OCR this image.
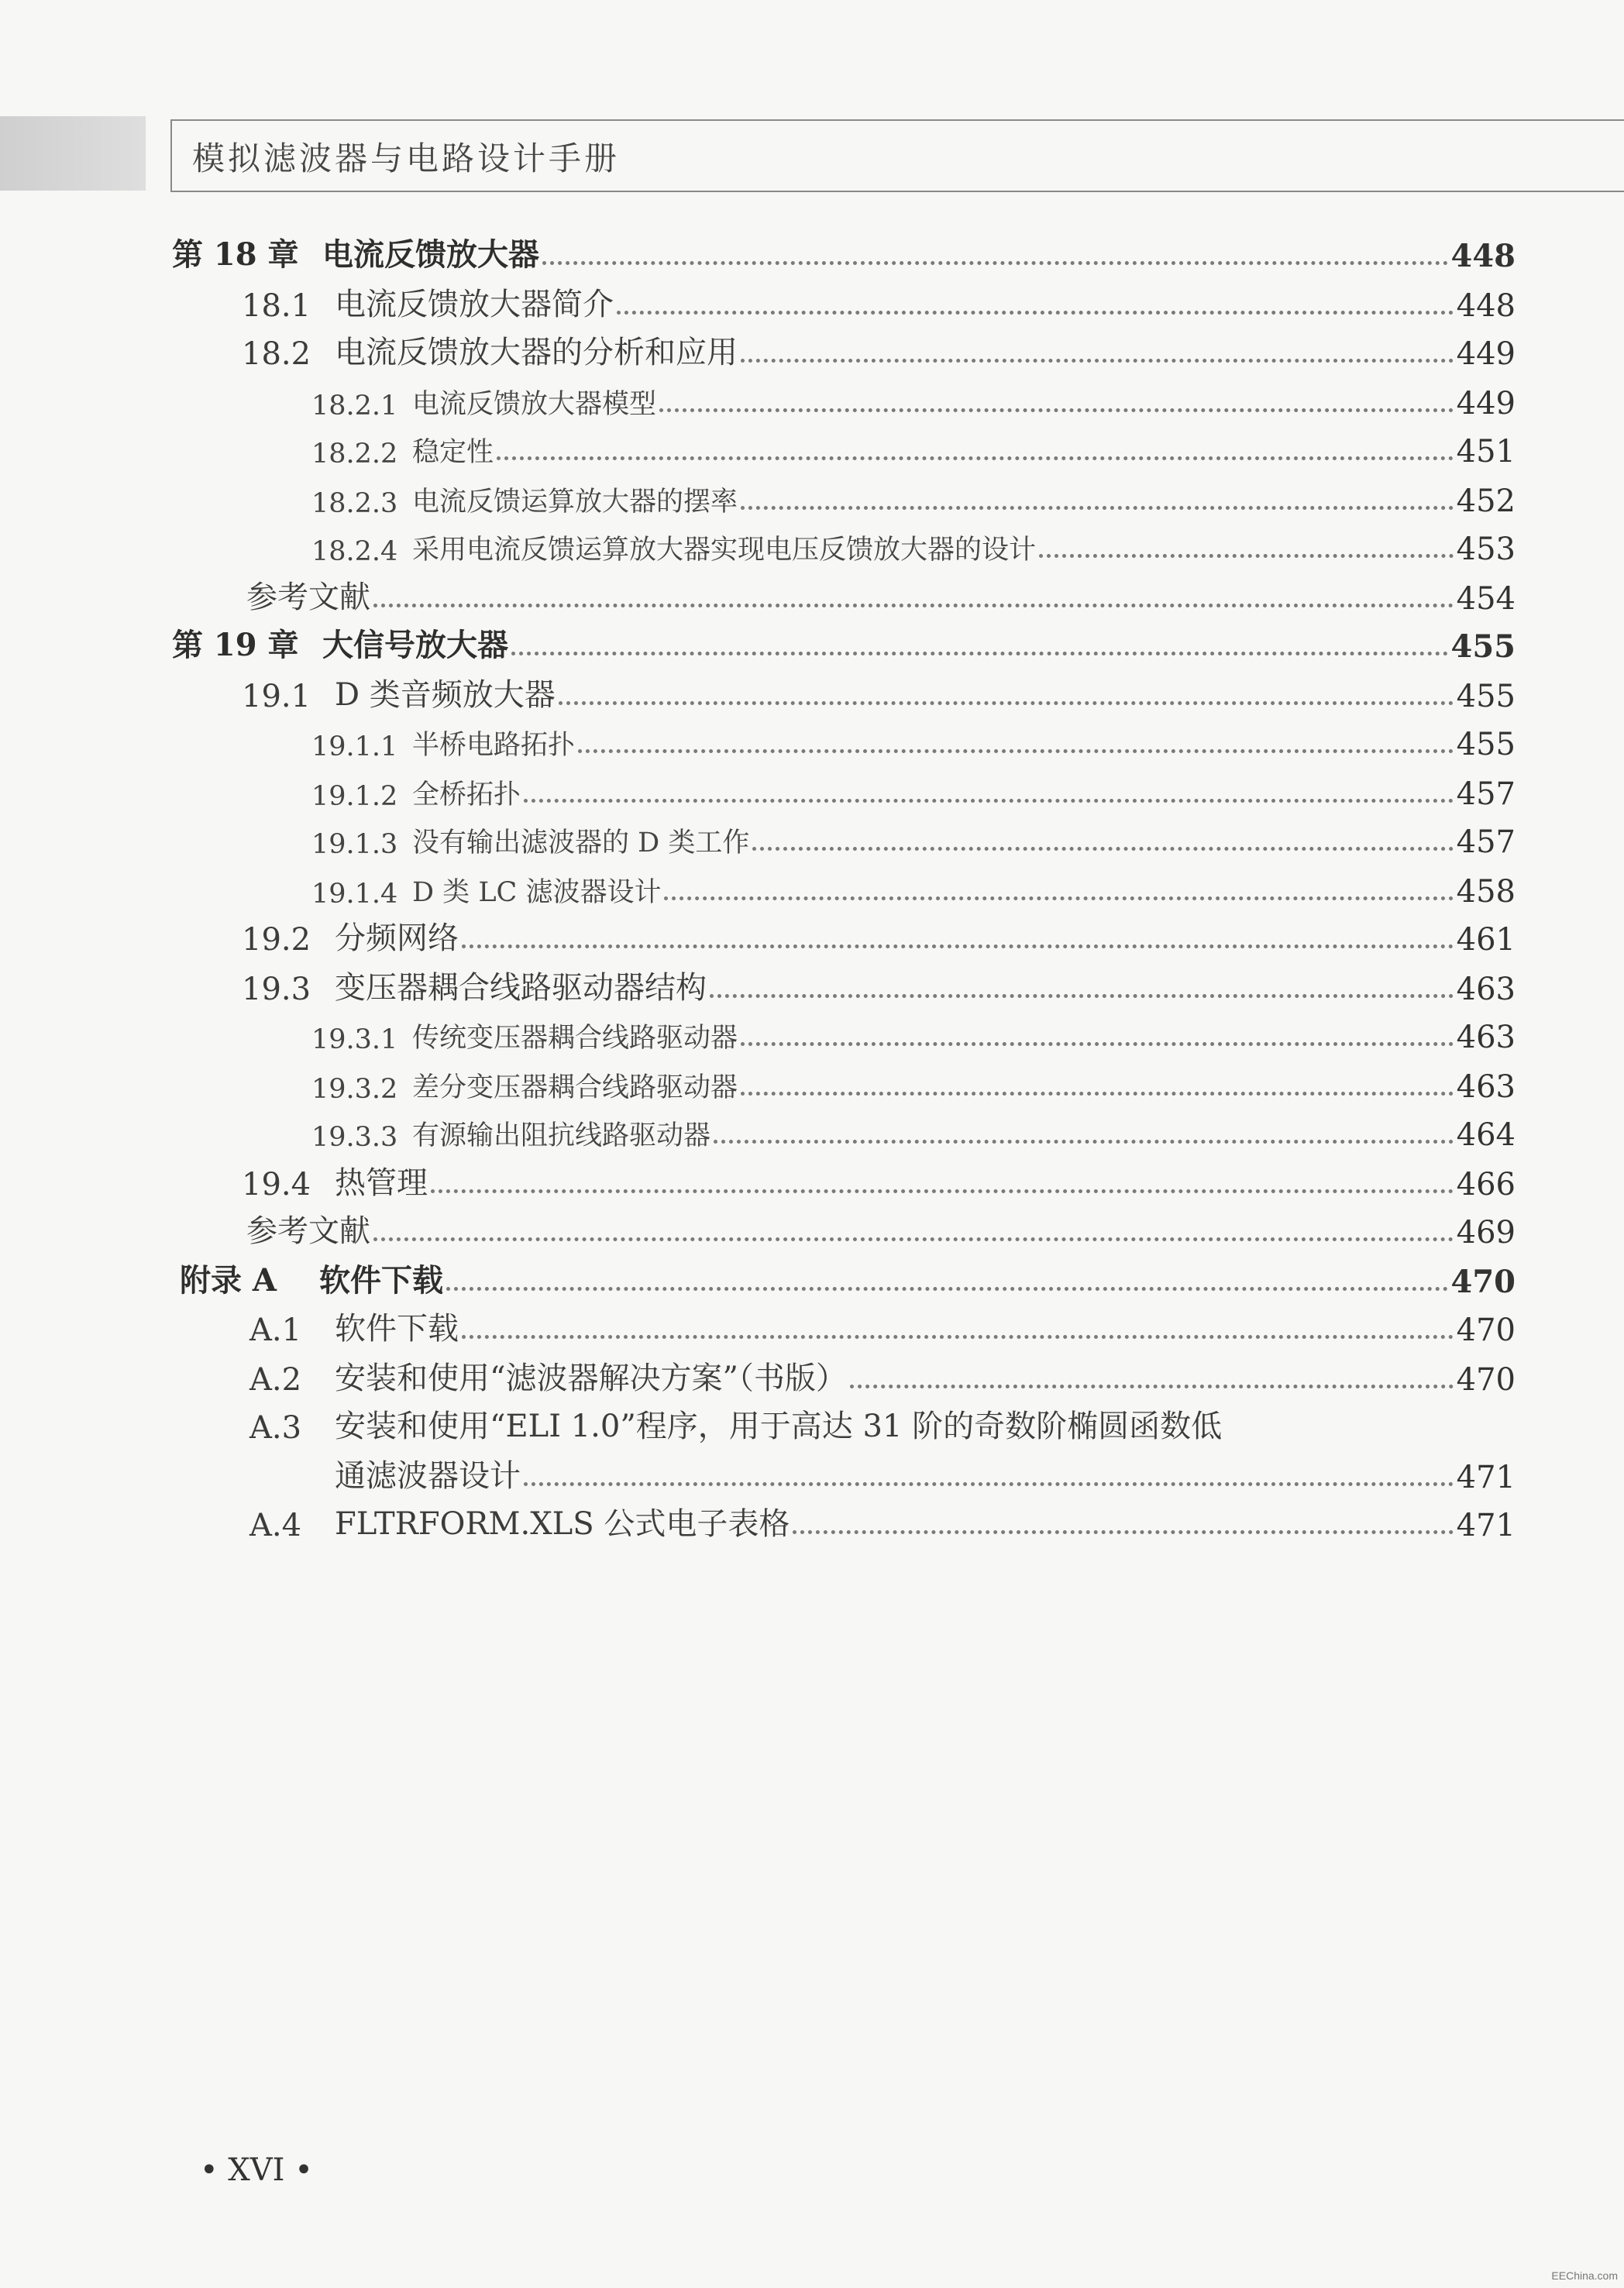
模拟滤波器与电路设计手册
第 18 章 电流反馈放大器	448
18.1 电流反馈放大器简介	448
18.2 电流反馈放大器的分析和应用	449
18.2.1 电流反馈放大器模型	449
18.2.2 稳定性	451
18.2.3 电流反馈运算放大器的摆率	452
18.2.4 采用电流反馈运算放大器实现电压反馈放大器的设计	453
参考文献	454
第 19 章 大信号放大器	455
19.1 D 类音频放大器	455
19.1.1 半桥电路拓扑	455
19.1.2 全桥拓扑	457
19.1.3 没有输出滤波器的 D 类工作	457
19.1.4 D 类 LC 滤波器设计	458
19.2 分频网络	461
19.3 变压器耦合线路驱动器结构	463
19.3.1 传统变压器耦合线路驱动器	463
19.3.2 差分变压器耦合线路驱动器	463
19.3.3 有源输出阻抗线路驱动器	464
19.4 热管理	466
参考文献	469
附录 A	软件下载	470
A.1	软件下载	470
A.2	安装和使用“滤波器解决方案”（书版）	470
A.3	安装和使用“ELI 1.0”程序，用于高达 31 阶的奇数阶椭圆函数低
通滤波器设计	471
A.4	FLTRFORM.XLS 公式电子表格	471
• XVI •
EEChina.com
